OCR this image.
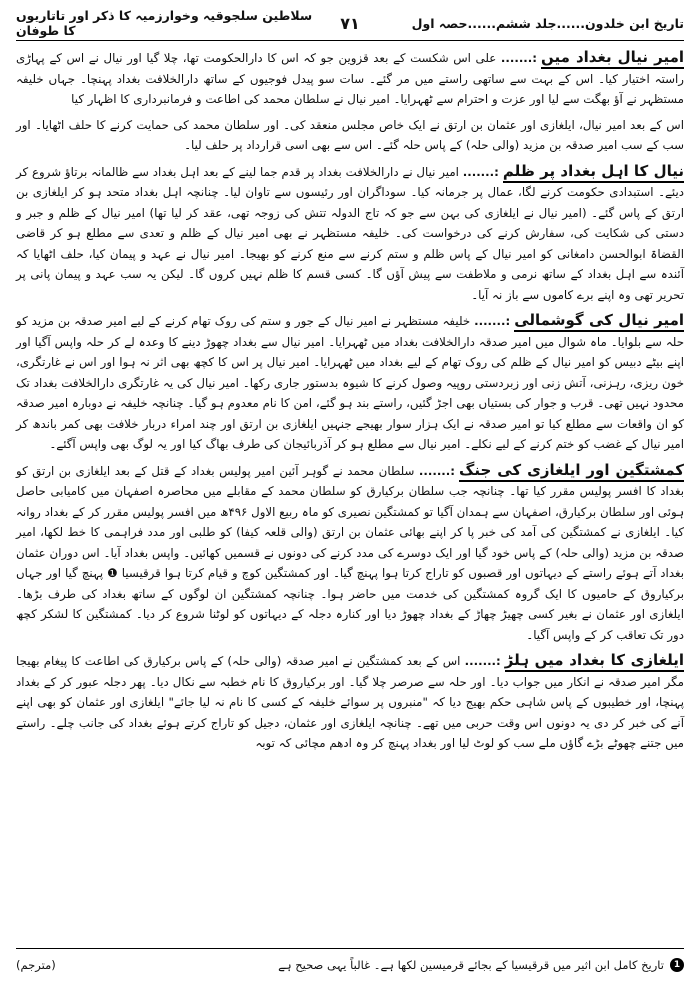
تاریخ ابن خلدون......جلد ششم......حصہ اول
۷۱
سلاطین سلجوقیہ وخوارزمیہ کا ذکر اور تاتاریوں کا طوفان

امیر نیال بغداد میں:....... علی اس شکست کے بعد قزوین جو کہ اس کا دارالحکومت تھا، چلا گیا اور نیال نے اس کے پہاڑی راستہ اختیار کیا۔ اس کے بہت سے ساتھی راستے میں مر گئے۔ سات سو پیدل فوجیوں کے ساتھ دارالخلافت بغداد پہنچا۔ جہاں خلیفہ مستظہر نے آؤ بھگت سے لیا اور عزت و احترام سے ٹھہرایا۔ امیر نیال نے سلطان محمد کی اطاعت و فرمانبرداری کا اظہار کیا

اس کے بعد امیر نیال، ایلغازی اور عثمان بن ارتق نے ایک خاص مجلس منعقد کی۔ اور سلطان محمد کی حمایت کرنے کا حلف اٹھایا۔ اور سب کے سب امیر صدقہ بن مزید (والی حلہ) کے پاس حلہ گئے۔ اس سے بھی اسی قرارداد پر حلف لیا۔

نیال کا اہل بغداد پر ظلم:....... امیر نیال نے دارالخلافت بغداد پر قدم جما لینے کے بعد اہل بغداد سے ظالمانہ برتاؤ شروع کر دیئے۔ استبدادی حکومت کرنے لگا، عمال پر جرمانہ کیا۔ سوداگران اور رئیسوں سے تاوان لیا۔ چنانچہ اہل بغداد متحد ہو کر ایلغازی بن ارتق کے پاس گئے۔ (امیر نیال نے ایلغازی کی بہن سے جو کہ تاج الدولہ تتش کی زوجہ تھی، عقد کر لیا تھا) امیر نیال کے ظلم و جبر و دستی کی شکایت کی، سفارش کرنے کی درخواست کی۔ خلیفہ مستظہر نے بھی امیر نیال کے ظلم و تعدی سے مطلع ہو کر قاضی القضاۃ ابوالحسن دامغانی کو امیر نیال کے پاس ظلم و ستم کرنے سے منع کرنے کو بھیجا۔ امیر نیال نے عہد و پیمان کیا، حلف اٹھایا کہ آئندہ سے اہل بغداد کے ساتھ نرمی و ملاطفت سے پیش آؤں گا۔ کسی قسم کا ظلم نہیں کروں گا۔ لیکن یہ سب عہد و پیمان پانی پر تحریر تھی وہ اپنے برے کاموں سے باز نہ آیا۔

امیر نیال کی گوشمالی:....... خلیفہ مستظہر نے امیر نیال کے جور و ستم کی روک تھام کرنے کے لیے امیر صدقہ بن مزید کو حلہ سے بلوایا۔ ماہ شوال میں امیر صدقہ دارالخلافت بغداد میں ٹھہرایا۔ امیر نیال سے بغداد چھوڑ دینے کا وعدہ لے کر حلہ واپس آگیا اور اپنے بیٹے دبیس کو امیر نیال کے ظلم کی روک تھام کے لیے بغداد میں ٹھہرایا۔ امیر نیال پر اس کا کچھ بھی اثر نہ ہوا اور اس نے غارتگری، خون ریزی، رہزنی، آتش زنی اور زبردستی روپیہ وصول کرنے کا شیوہ بدستور جاری رکھا۔ امیر نیال کی یہ غارتگری دارالخلافت بغداد تک محدود نہیں تھی۔ قرب و جوار کی بستیاں بھی اجڑ گئیں، راستے بند ہو گئے، امن کا نام معدوم ہو گیا۔ چنانچہ خلیفہ نے دوبارہ امیر صدقہ کو ان واقعات سے مطلع کیا تو امیر صدقہ نے ایک ہزار سوار بھیجے جنہیں ایلغازی بن ارتق اور چند امراء دربار خلافت بھی کمر باندھ کر امیر نیال کے غضب کو ختم کرنے کے لیے نکلے۔ امیر نیال سے مطلع ہو کر آذربائیجان کی طرف بھاگ کیا اور یہ لوگ بھی واپس آگئے۔

کمشتگین اور ایلغازی کی جنگ:....... سلطان محمد نے گوہر آئین امیر پولیس بغداد کے قتل کے بعد ایلغازی بن ارتق کو بغداد کا افسر پولیس مقرر کیا تھا۔ چنانچہ جب سلطان برکیارق کو سلطان محمد کے مقابلے میں محاصرہ اصفہان میں کامیابی حاصل ہوئی اور سلطان برکیارق، اصفہان سے ہمدان آگیا تو کمشتگین نصیری کو ماہ ربیع الاول ۴۹۶ھ میں افسر پولیس مقرر کر کے بغداد روانہ کیا۔ ایلغازی نے کمشتگین کی آمد کی خبر پا کر اپنے بھائی عثمان بن ارتق (والی قلعہ کیفا) کو طلبی اور مدد فراہمی کا خط لکھا، امیر صدقہ بن مزید (والی حلہ) کے پاس خود گیا اور ایک دوسرے کی مدد کرنے کی دونوں نے قسمیں کھائیں۔ واپس بغداد آیا۔ اس دوران عثمان بغداد آتے ہوئے راستے کے دیہاتوں اور قصبوں کو تاراج کرتا ہوا پہنچ گیا۔ اور کمشتگین کوچ و قیام کرتا ہوا قرقیسیا ❶ پہنچ گیا اور جہاں برکیاروق کے حامیوں کا ایک گروہ کمشتگین کی خدمت میں حاضر ہوا۔ چنانچہ کمشتگین ان لوگوں کے ساتھ بغداد کی طرف بڑھا۔ ایلغازی اور عثمان نے بغیر کسی چھیڑ چھاڑ کے بغداد چھوڑ دیا اور کنارہ دجلہ کے دیہاتوں کو لوٹنا شروع کر دیا۔ کمشتگین کا لشکر کچھ دور تک تعاقب کر کے واپس آگیا۔

ایلغازی کا بغداد میں ہلڑ:....... اس کے بعد کمشتگین نے امیر صدقہ (والی حلہ) کے پاس برکیارق کی اطاعت کا پیغام بھیجا مگر امیر صدقہ نے انکار میں جواب دیا۔ اور حلہ سے صرصر چلا گیا۔ اور برکیاروق کا نام خطبہ سے نکال دیا۔ پھر دجلہ عبور کر کے بغداد پہنچا، اور خطیبوں کے پاس شاہی حکم بھیج دیا کہ "منبروں پر سوائے خلیفہ کے کسی کا نام نہ لیا جائے" ایلغازی اور عثمان کو بھی اپنے آنے کی خبر کر دی یہ دونوں اس وقت حربی میں تھے۔ چنانچہ ایلغازی اور عثمان، دجیل کو تاراج کرتے ہوئے بغداد کی جانب چلے۔ راستے میں جتنے چھوٹے بڑے گاؤں ملے سب کو لوٹ لیا اور بغداد پہنچ کر وہ ادھم مچائی کہ توبہ

1
تاریخ کامل ابن اثیر میں قرقیسیا کے بجائے قرمیسین لکھا ہے۔ غالباً یہی صحیح ہے
(مترجم)
